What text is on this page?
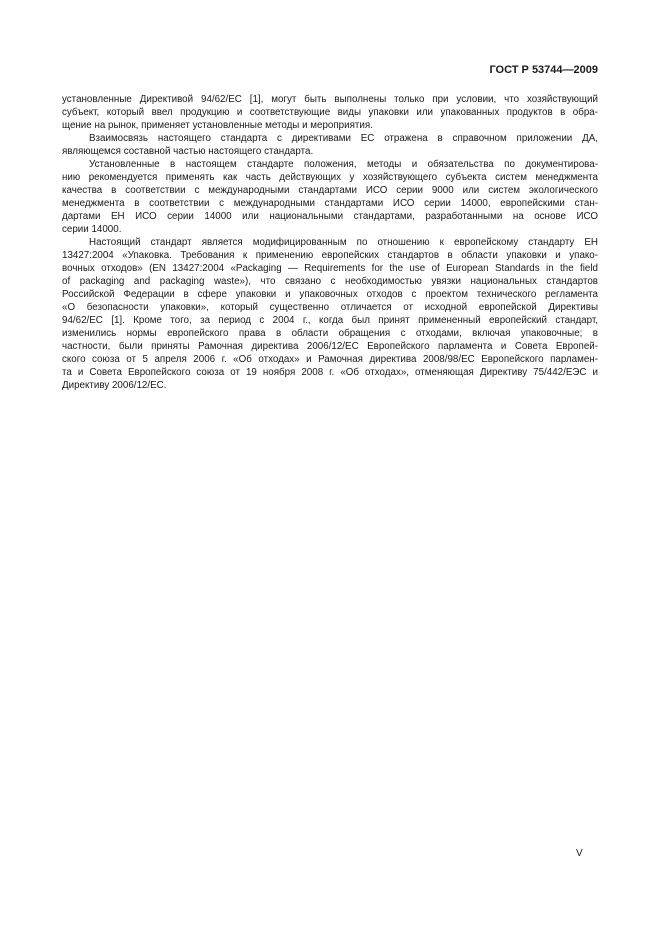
ГОСТ Р 53744—2009
установленные Директивой 94/62/ЕС [1], могут быть выполнены только при условии, что хозяйствующий
субъект, который ввел продукцию и соответствующие виды упаковки или упакованных продуктов в обра-
щение на рынок, применяет установленные методы и мероприятия.
Взаимосвязь настоящего стандарта с директивами ЕС отражена в справочном приложении ДА,
являющемся составной частью настоящего стандарта.
Установленные в настоящем стандарте положения, методы и обязательства по документирова-
нию рекомендуется применять как часть действующих у хозяйствующего субъекта систем менеджмента
качества в соответствии с международными стандартами ИСО серии 9000 или систем экологического
менеджмента в соответствии с международными стандартами ИСО серии 14000, европейскими стан-
дартами ЕН ИСО серии 14000 или национальными стандартами, разработанными на основе ИСО
серии 14000.
Настоящий стандарт является модифицированным по отношению к европейскому стандарту ЕН
13427:2004 «Упаковка. Требования к применению европейских стандартов в области упаковки и упако-
вочных отходов» (EN 13427:2004 «Packaging — Requirements for the use of European Standards in the field
of packaging and packaging waste»), что связано с необходимостью увязки национальных стандартов
Российской Федерации в сфере упаковки и упаковочных отходов с проектом технического регламента
«О безопасности упаковки», который существенно отличается от исходной европейской Директивы
94/62/ЕС [1]. Кроме того, за период с 2004 г., когда был принят примененный европейский стандарт,
изменились нормы европейского права в области обращения с отходами, включая упаковочные; в
частности, были приняты Рамочная директива 2006/12/ЕС Европейского парламента и Совета Европей-
ского союза от 5 апреля 2006 г. «Об отходах» и Рамочная директива 2008/98/ЕС Европейского парламен-
та и Совета Европейского союза от 19 ноября 2008 г. «Об отходах», отменяющая Директиву 75/442/ЕЭС и
Директиву 2006/12/ЕС.
V
